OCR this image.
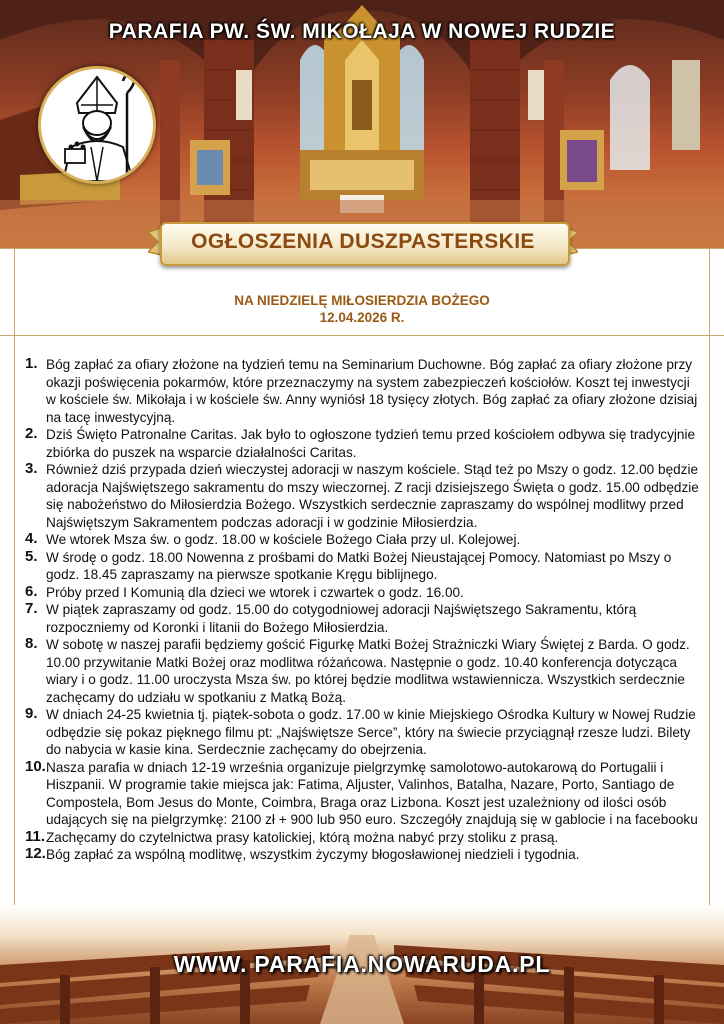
PARAFIA PW. ŚW. MIKOŁAJA W NOWEJ RUDZIE
OGŁOSZENIA DUSZPASTERSKIE
NA NIEDZIELĘ MIŁOSIERDZIA BOŻEGO
12.04.2026 R.
1. Bóg zapłać za ofiary złożone na tydzień temu na Seminarium Duchowne. Bóg zapłać za ofiary złożone przy okazji poświęcenia pokarmów, które przeznaczymy na system zabezpieczeń kościołów. Koszt tej inwestycji w kościele św. Mikołaja i w kościele św. Anny wyniósł 18 tysięcy złotych. Bóg zapłać za ofiary złożone dzisiaj na tacę inwestycyjną.
2. Dziś Święto Patronalne Caritas. Jak było to ogłoszone tydzień temu przed kościołem odbywa się tradycyjnie zbiórka do puszek na wsparcie działalności Caritas.
3. Również dziś przypada dzień wieczystej adoracji w naszym kościele. Stąd też po Mszy o godz. 12.00 będzie adoracja Najświętszego sakramentu do mszy wieczornej. Z racji dzisiejszego Święta o godz. 15.00 odbędzie się nabożeństwo do Miłosierdzia Bożego. Wszystkich serdecznie zapraszamy do wspólnej modlitwy przed Najświętszym Sakramentem podczas adoracji i w godzinie Miłosierdzia.
4. We wtorek Msza św. o godz. 18.00 w kościele Bożego Ciała przy ul. Kolejowej.
5. W środę o godz. 18.00 Nowenna z prośbami do Matki Bożej Nieustającej Pomocy. Natomiast po Mszy o godz. 18.45 zapraszamy na pierwsze spotkanie Kręgu biblijnego.
6. Próby przed I Komunią dla dzieci we wtorek i czwartek o godz. 16.00.
7. W piątek zapraszamy od godz. 15.00 do cotygodniowej adoracji Najświętszego Sakramentu, którą rozpoczniemy od Koronki i litanii do Bożego Miłosierdzia.
8. W sobotę w naszej parafii będziemy gościć Figurkę Matki Bożej Strażniczki Wiary Świętej z Barda. O godz. 10.00 przywitanie Matki Bożej oraz modlitwa różańcowa. Następnie o godz. 10.40 konferencja dotycząca wiary i o godz. 11.00 uroczysta Msza św. po której będzie modlitwa wstawiennicza. Wszystkich serdecznie zachęcamy do udziału w spotkaniu z Matką Bożą.
9. W dniach 24-25 kwietnia tj. piątek-sobota o godz. 17.00 w kinie Miejskiego Ośrodka Kultury w Nowej Rudzie odbędzie się pokaz pięknego filmu pt: „Najświętsze Serce”, który na świecie przyciągnął rzesze ludzi. Bilety do nabycia w kasie kina. Serdecznie zachęcamy do obejrzenia.
10. Nasza parafia w dniach 12-19 września organizuje pielgrzymkę samolotowo-autokarową do Portugalii i Hiszpanii. W programie takie miejsca jak: Fatima, Aljuster, Valinhos, Batalha, Nazare, Porto, Santiago de Compostela, Bom Jesus do Monte, Coimbra, Braga oraz Lizbona. Koszt jest uzależniony od ilości osób udających się na pielgrzymkę: 2100 zł + 900 lub 950 euro. Szczegóły znajdują się w gablocie i na facebooku
11. Zachęcamy do czytelnictwa prasy katolickiej, którą można nabyć przy stoliku z prasą.
12. Bóg zapłać za wspólną modlitwę, wszystkim życzymy błogosławionej niedzieli i tygodnia.
WWW. PARAFIA.NOWARUDA.PL
